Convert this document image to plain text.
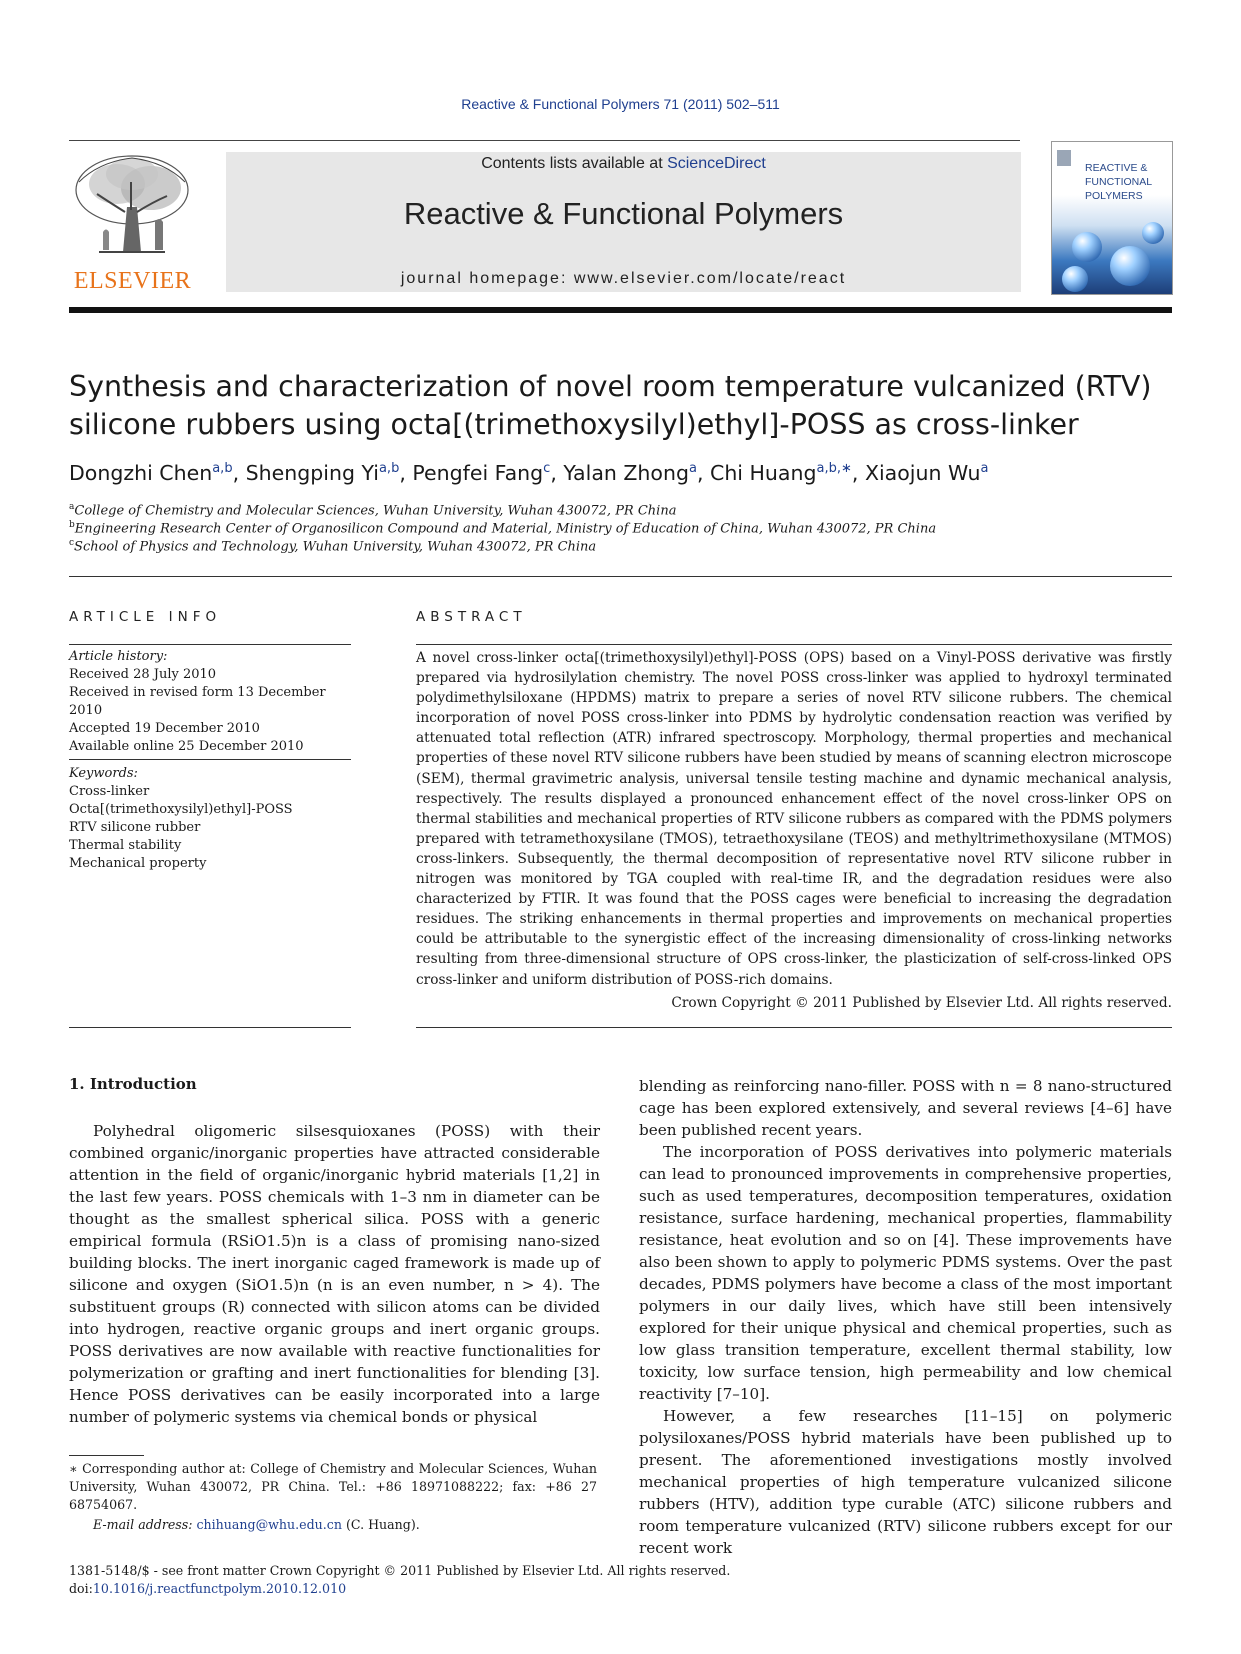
Reactive & Functional Polymers 71 (2011) 502–511
ELSEVIER
Contents lists available at ScienceDirect
Reactive & Functional Polymers
journal homepage: www.elsevier.com/locate/react
REACTIVE &
FUNCTIONAL
POLYMERS
Synthesis and characterization of novel room temperature vulcanized (RTV)
silicone rubbers using octa[(trimethoxysilyl)ethyl]-POSS as cross-linker
Dongzhi Chen$^{a,b}$, Shengping Yi$^{a,b}$, Pengfei Fang$^c$, Yalan Zhong$^a$, Chi Huang$^{a,b,∗}$, Xiaojun Wu$^a$
$^a$College of Chemistry and Molecular Sciences, Wuhan University, Wuhan 430072, PR China
$^b$Engineering Research Center of Organosilicon Compound and Material, Ministry of Education of China, Wuhan 430072, PR China
$^c$School of Physics and Technology, Wuhan University, Wuhan 430072, PR China
ARTICLE INFO
Article history:
Received 28 July 2010
Received in revised form 13 December 2010
Accepted 19 December 2010
Available online 25 December 2010
Keywords:
Cross-linker
Octa[(trimethoxysilyl)ethyl]-POSS
RTV silicone rubber
Thermal stability
Mechanical property
ABSTRACT

A novel cross-linker octa[(trimethoxysilyl)ethyl]-POSS (OPS) based on a Vinyl-POSS derivative was firstly prepared via hydrosilylation chemistry. The novel POSS cross-linker was applied to hydroxyl terminated polydimethylsiloxane (HPDMS) matrix to prepare a series of novel RTV silicone rubbers. The chemical incorporation of novel POSS cross-linker into PDMS by hydrolytic condensation reaction was verified by attenuated total reflection (ATR) infrared spectroscopy. Morphology, thermal properties and mechanical properties of these novel RTV silicone rubbers have been studied by means of scanning electron microscope (SEM), thermal gravimetric analysis, universal tensile testing machine and dynamic mechanical analysis, respectively. The results displayed a pronounced enhancement effect of the novel cross-linker OPS on thermal stabilities and mechanical properties of RTV silicone rubbers as compared with the PDMS polymers prepared with tetramethoxysilane (TMOS), tetraethoxysilane (TEOS) and methyltrimethoxysilane (MTMOS) cross-linkers. Subsequently, the thermal decomposition of representative novel RTV silicone rubber in nitrogen was monitored by TGA coupled with real-time IR, and the degradation residues were also characterized by FTIR. It was found that the POSS cages were beneficial to increasing the degradation residues. The striking enhancements in thermal properties and improvements on mechanical properties could be attributable to the synergistic effect of the increasing dimensionality of cross-linking networks resulting from three-dimensional structure of OPS cross-linker, the plasticization of self-cross-linked OPS cross-linker and uniform distribution of POSS-rich domains.

Crown Copyright © 2011 Published by Elsevier Ltd. All rights reserved.
1. Introduction

Polyhedral oligomeric silsesquioxanes (POSS) with their combined organic/inorganic properties have attracted considerable attention in the field of organic/inorganic hybrid materials [1,2] in the last few years. POSS chemicals with 1–3 nm in diameter can be thought as the smallest spherical silica. POSS with a generic empirical formula (RSiO1.5)n is a class of promising nano-sized building blocks. The inert inorganic caged framework is made up of silicone and oxygen (SiO1.5)n (n is an even number, n > 4). The substituent groups (R) connected with silicon atoms can be divided into hydrogen, reactive organic groups and inert organic groups. POSS derivatives are now available with reactive functionalities for polymerization or grafting and inert functionalities for blending [3]. Hence POSS derivatives can be easily incorporated into a large number of polymeric systems via chemical bonds or physical

blending as reinforcing nano-filler. POSS with n = 8 nano-structured cage has been explored extensively, and several reviews [4–6] have been published recent years.

The incorporation of POSS derivatives into polymeric materials can lead to pronounced improvements in comprehensive properties, such as used temperatures, decomposition temperatures, oxidation resistance, surface hardening, mechanical properties, flammability resistance, heat evolution and so on [4]. These improvements have also been shown to apply to polymeric PDMS systems. Over the past decades, PDMS polymers have become a class of the most important polymers in our daily lives, which have still been intensively explored for their unique physical and chemical properties, such as low glass transition temperature, excellent thermal stability, low toxicity, low surface tension, high permeability and low chemical reactivity [7–10].

However, a few researches [11–15] on polymeric polysiloxanes/POSS hybrid materials have been published up to present. The aforementioned investigations mostly involved mechanical properties of high temperature vulcanized silicone rubbers (HTV), addition type curable (ATC) silicone rubbers and room temperature vulcanized (RTV) silicone rubbers except for our recent work

∗ Corresponding author at: College of Chemistry and Molecular Sciences, Wuhan University, Wuhan 430072, PR China. Tel.: +86 18971088222; fax: +86 27 68754067.

E-mail address: chihuang@whu.edu.cn (C. Huang).

1381-5148/$ - see front matter Crown Copyright © 2011 Published by Elsevier Ltd. All rights reserved.
doi:10.1016/j.reactfunctpolym.2010.12.010
